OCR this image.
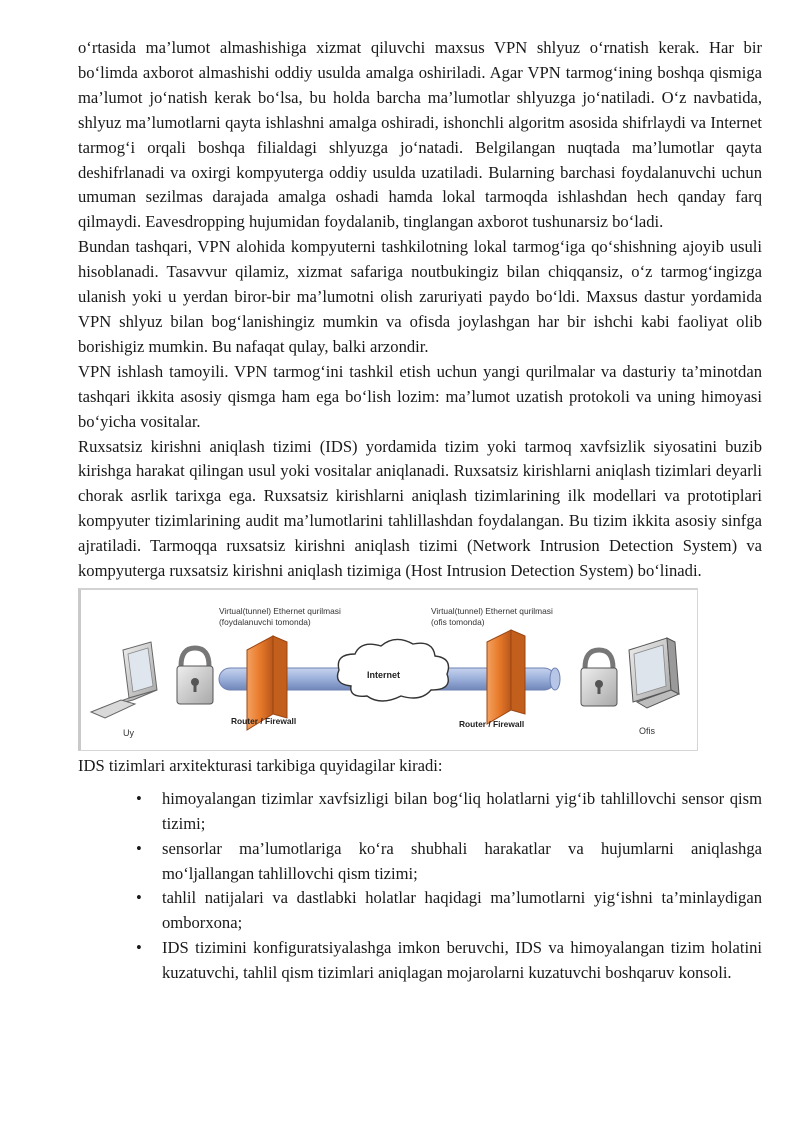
o‘rtasida ma’lumot almashishiga xizmat qiluvchi maxsus VPN shlyuz o‘rnatish kerak. Har bir bo‘limda axborot almashishi oddiy usulda amalga oshiriladi. Agar VPN tarmog‘ining boshqa qismiga ma’lumot jo‘natish kerak bo‘lsa, bu holda barcha ma’lumotlar shlyuzga jo‘natiladi. O‘z navbatida, shlyuz ma’lumotlarni qayta ishlashni amalga oshiradi, ishonchli algoritm asosida shifrlaydi va Internet tarmog‘i orqali boshqa filialdagi shlyuzga jo‘natadi. Belgilangan nuqtada ma’lumotlar qayta deshifrlanadi va oxirgi kompyuterga oddiy usulda uzatiladi. Bularning barchasi foydalanuvchi uchun umuman sezilmas darajada amalga oshadi hamda lokal tarmoqda ishlashdan hech qanday farq qilmaydi. Eavesdropping hujumidan foydalanib, tinglangan axborot tushunarsiz bo‘ladi.

Bundan tashqari, VPN alohida kompyuterni tashkilotning lokal tarmog‘iga qo‘shishning ajoyib usuli hisoblanadi. Tasavvur qilamiz, xizmat safariga noutbukingiz bilan chiqqansiz, o‘z tarmog‘ingizga ulanish yoki u yerdan biror-bir ma’lumotni olish zaruriyati paydo bo‘ldi. Maxsus dastur yordamida VPN shlyuz bilan bog‘lanishingiz mumkin va ofisda joylashgan har bir ishchi kabi faoliyat olib borishigiz mumkin. Bu nafaqat qulay, balki arzondir.

VPN ishlash tamoyili. VPN tarmog‘ini tashkil etish uchun yangi qurilmalar va dasturiy ta’minotdan tashqari ikkita asosiy qismga ham ega bo‘lish lozim: ma’lumot uzatish protokoli va uning himoyasi bo‘yicha vositalar.

Ruxsatsiz kirishni aniqlash tizimi (IDS) yordamida tizim yoki tarmoq xavfsizlik siyosatini buzib kirishga harakat qilingan usul yoki vositalar aniqlanadi. Ruxsatsiz kirishlarni aniqlash tizimlari deyarli chorak asrlik tarixga ega. Ruxsatsiz kirishlarni aniqlash tizimlarining ilk modellari va prototiplari kompyuter tizimlarining audit ma’lumotlarini tahlillashdan foydalangan. Bu tizim ikkita asosiy sinfga ajratiladi. Tarmoqqa ruxsatsiz kirishni aniqlash tizimi (Network Intrusion Detection System) va kompyuterga ruxsatsiz kirishni aniqlash tizimiga (Host Intrusion Detection System) bo‘linadi.

Virtual(tunnel) Ethernet qurilmasi
(foydalanuvchi tomonda)
Virtual(tunnel) Ethernet qurilmasi
(ofis tomonda)
Internet
Router / Firewall	Router / Firewall
Uy	Ofis

IDS tizimlari arxitekturasi tarkibiga quyidagilar kiradi:

• himoyalangan tizimlar xavfsizligi bilan bog‘liq holatlarni yig‘ib tahlillovchi sensor qism tizimi;
• sensorlar ma’lumotlariga ko‘ra shubhali harakatlar va hujumlarni aniqlashga mo‘ljallangan tahlillovchi qism tizimi;
• tahlil natijalari va dastlabki holatlar haqidagi ma’lumotlarni yig‘ishni ta’minlaydigan omborxona;
• IDS tizimini konfiguratsiyalashga imkon beruvchi, IDS va himoyalangan tizim holatini kuzatuvchi, tahlil qism tizimlari aniqlagan mojarolarni kuzatuvchi boshqaruv konsoli.
